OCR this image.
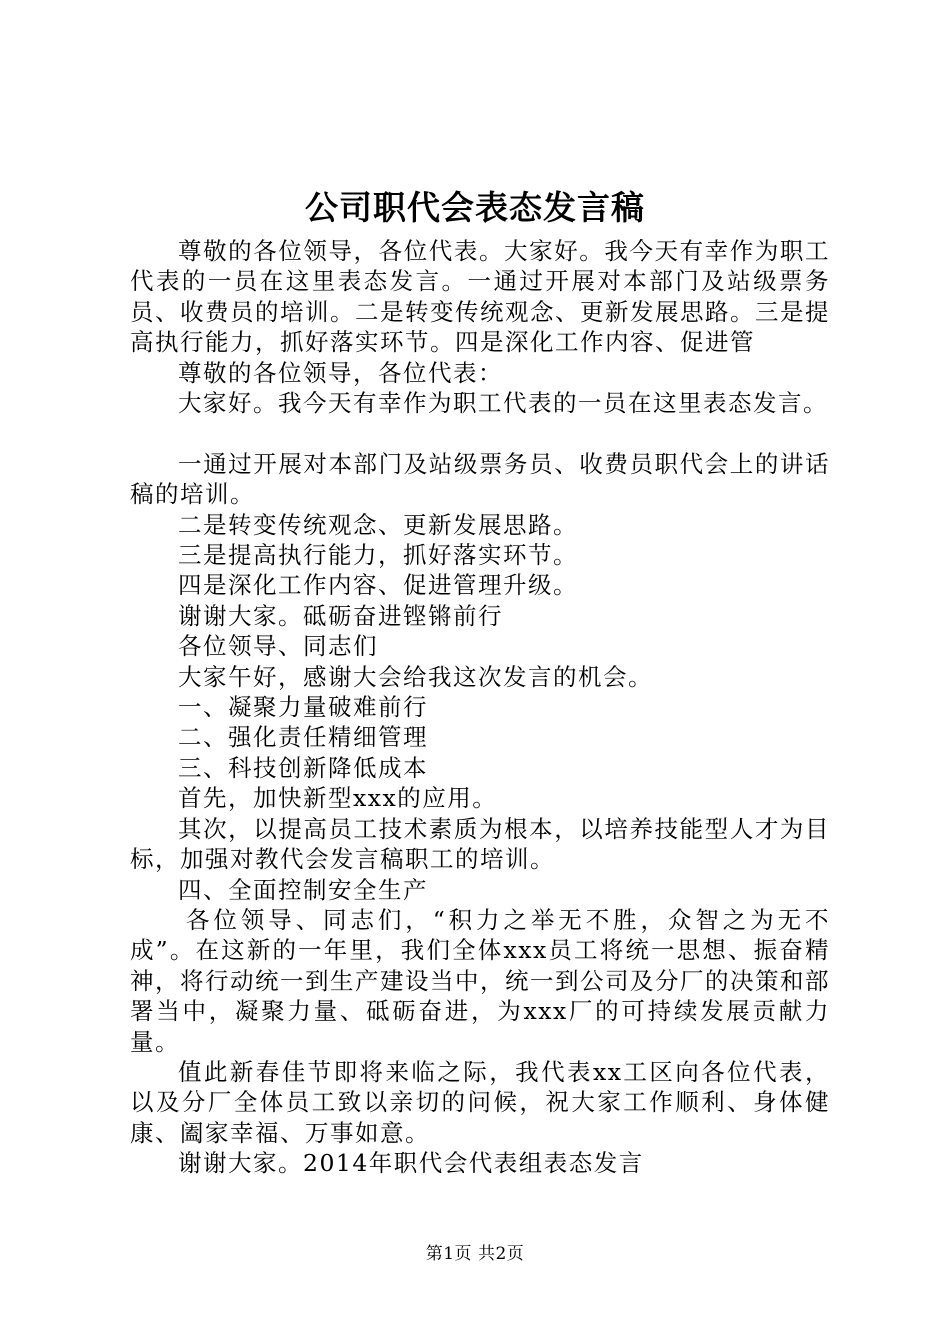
公司职代会表态发言稿

尊敬的各位领导，各位代表。大家好。我今天有幸作为职工代表的一员在这里表态发言。一通过开展对本部门及站级票务员、收费员的培训。二是转变传统观念、更新发展思路。三是提高执行能力，抓好落实环节。四是深化工作内容、促进管

尊敬的各位领导，各位代表：

大家好。我今天有幸作为职工代表的一员在这里表态发言。

一通过开展对本部门及站级票务员、收费员职代会上的讲话稿的培训。

二是转变传统观念、更新发展思路。

三是提高执行能力，抓好落实环节。

四是深化工作内容、促进管理升级。

谢谢大家。砥砺奋进铿锵前行

各位领导、同志们

大家午好，感谢大会给我这次发言的机会。

一、凝聚力量破难前行

二、强化责任精细管理

三、科技创新降低成本

首先，加快新型xxx的应用。

其次，以提高员工技术素质为根本，以培养技能型人才为目标，加强对教代会发言稿职工的培训。

四、全面控制安全生产

各位领导、同志们，“积力之举无不胜，众智之为无不成”。在这新的一年里，我们全体xxx员工将统一思想、振奋精神，将行动统一到生产建设当中，统一到公司及分厂的决策和部署当中，凝聚力量、砥砺奋进，为xxx厂的可持续发展贡献力量。

值此新春佳节即将来临之际，我代表xx工区向各位代表，以及分厂全体员工致以亲切的问候，祝大家工作顺利、身体健康、阖家幸福、万事如意。

谢谢大家。2014年职代会代表组表态发言

第1页 共2页
